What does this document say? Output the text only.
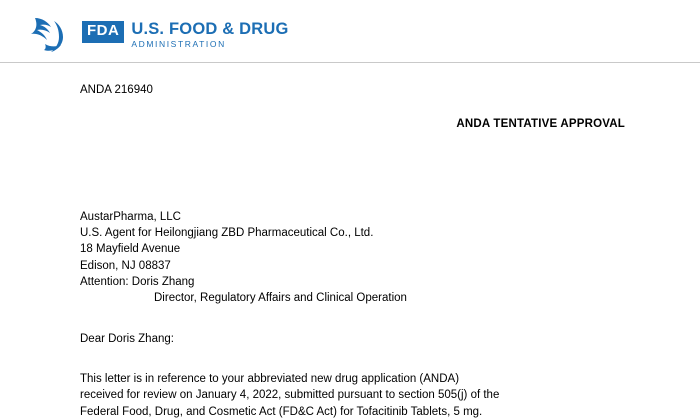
FDA U.S. FOOD & DRUG
ADMINISTRATION
ANDA 216940
ANDA TENTATIVE APPROVAL
AustarPharma, LLC
U.S. Agent for Heilongjiang ZBD Pharmaceutical Co., Ltd.
18 Mayfield Avenue
Edison, NJ 08837
Attention: Doris Zhang
Director, Regulatory Affairs and Clinical Operation
Dear Doris Zhang:
This letter is in reference to your abbreviated new drug application (ANDA) received for review on January 4, 2022, submitted pursuant to section 505(j) of the Federal Food, Drug, and Cosmetic Act (FD&C Act) for Tofacitinib Tablets, 5 mg.
